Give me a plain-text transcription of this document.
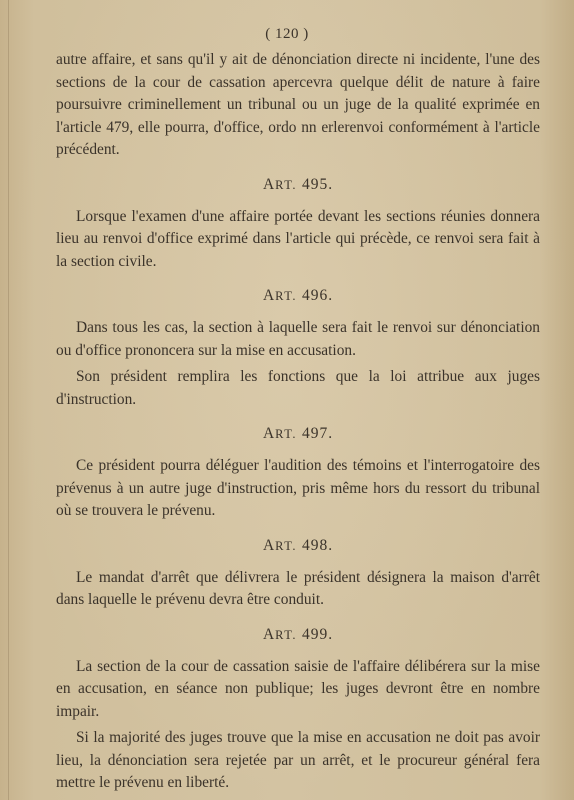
( 120 )

autre affaire, et sans qu'il y ait de dénonciation directe ni incidente, l'une des sections de la cour de cassation apercevra quelque délit de nature à faire poursuivre criminellement un tribunal ou un juge de la qualité exprimée en l'article 479, elle pourra, d'office, ordo nn erlerenvoi conformément à l'article précédent.

ART. 495.

Lorsque l'examen d'une affaire portée devant les sections réunies donnera lieu au renvoi d'office exprimé dans l'article qui précède, ce renvoi sera fait à la section civile.

ART. 496.

Dans tous les cas, la section à laquelle sera fait le renvoi sur dénonciation ou d'office prononcera sur la mise en accusation.

Son président remplira les fonctions que la loi attribue aux juges d'instruction.

ART. 497.

Ce président pourra déléguer l'audition des témoins et l'interrogatoire des prévenus à un autre juge d'instruction, pris même hors du ressort du tribunal où se trouvera le prévenu.

ART. 498.

Le mandat d'arrêt que délivrera le président désignera la maison d'arrêt dans laquelle le prévenu devra être conduit.

ART. 499.

La section de la cour de cassation saisie de l'affaire délibérera sur la mise en accusation, en séance non publique; les juges devront être en nombre impair.

Si la majorité des juges trouve que la mise en accusation ne doit pas avoir lieu, la dénonciation sera rejetée par un arrêt, et le procureur général fera mettre le prévenu en liberté.
